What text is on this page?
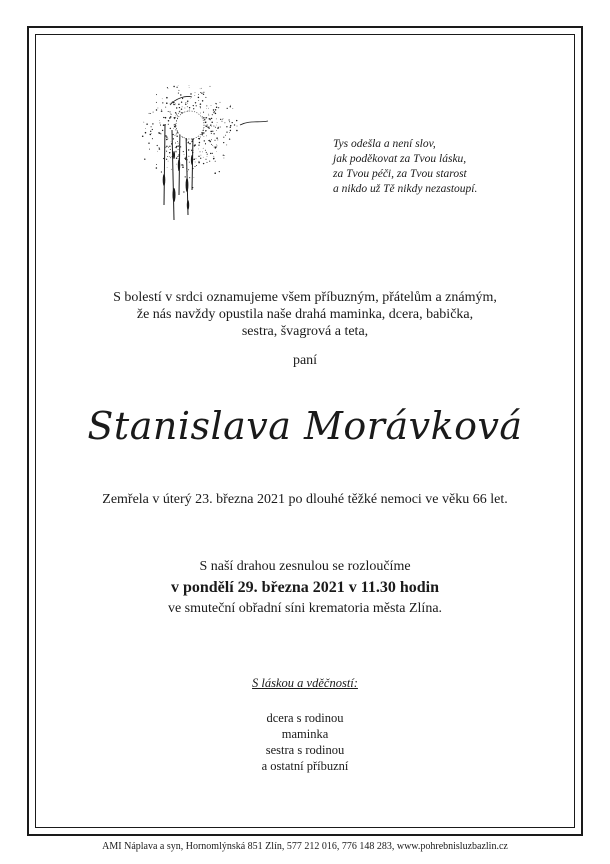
Tys odešla a není slov,
jak poděkovat za Tvou lásku,
za Tvou péči, za Tvou starost
a nikdo už Tě nikdy nezastoupí.
S bolestí v srdci oznamujeme všem příbuzným, přátelům a známým,
že nás navždy opustila naše drahá maminka, dcera, babička,
sestra, švagrová a teta,
paní
Stanislava Morávková
Zemřela v úterý 23. března 2021 po dlouhé těžké nemoci ve věku 66 let.
S naší drahou zesnulou se rozloučíme
v pondělí 29. března 2021 v 11.30 hodin
ve smuteční obřadní síni krematoria města Zlína.
S láskou a vděčností:
dcera s rodinou
maminka
sestra s rodinou
a ostatní příbuzní
AMI Náplava a syn, Hornomlýnská 851 Zlín, 577 212 016, 776 148 283, www.pohrebnisluzbazlin.cz
